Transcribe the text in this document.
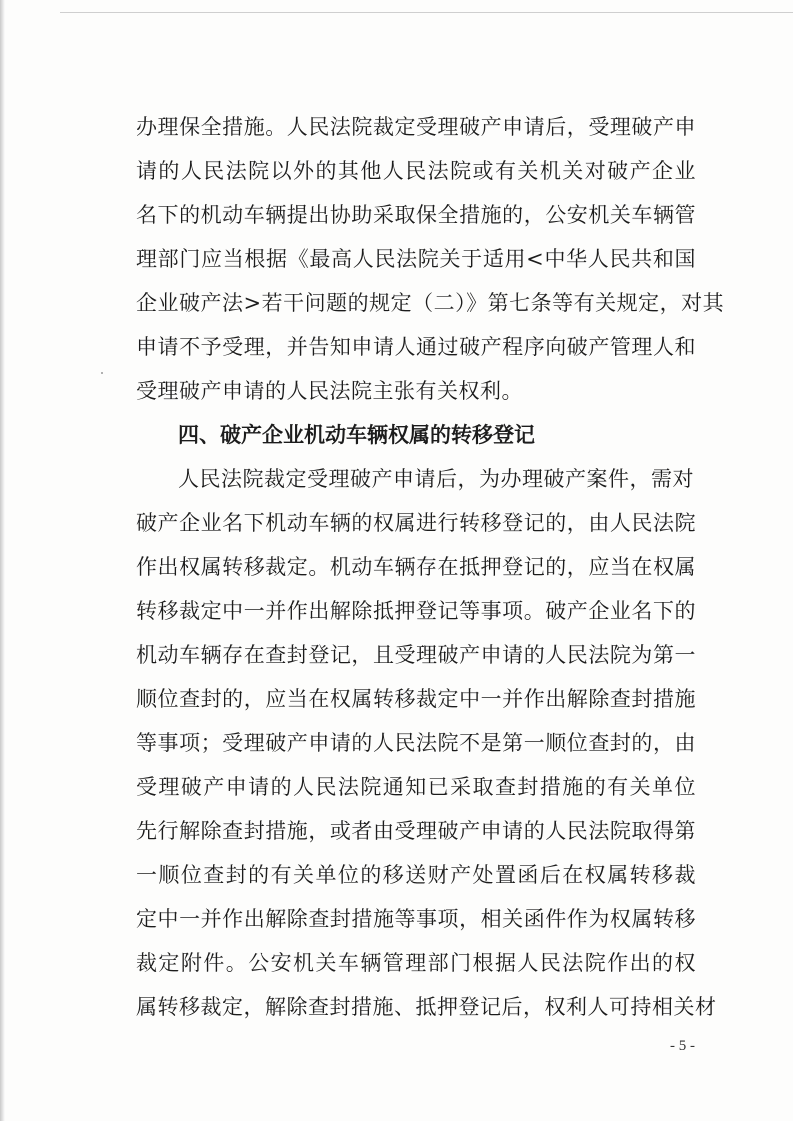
办理保全措施。人民法院裁定受理破产申请后，受理破产申
请的人民法院以外的其他人民法院或有关机关对破产企业
名下的机动车辆提出协助采取保全措施的，公安机关车辆管
理部门应当根据《最高人民法院关于适用<中华人民共和国
企业破产法>若干问题的规定（二）》第七条等有关规定，对其
申请不予受理，并告知申请人通过破产程序向破产管理人和
受理破产申请的人民法院主张有关权利。
四、破产企业机动车辆权属的转移登记
人民法院裁定受理破产申请后，为办理破产案件，需对
破产企业名下机动车辆的权属进行转移登记的，由人民法院
作出权属转移裁定。机动车辆存在抵押登记的，应当在权属
转移裁定中一并作出解除抵押登记等事项。破产企业名下的
机动车辆存在查封登记，且受理破产申请的人民法院为第一
顺位查封的，应当在权属转移裁定中一并作出解除查封措施
等事项；受理破产申请的人民法院不是第一顺位查封的，由
受理破产申请的人民法院通知已采取查封措施的有关单位
先行解除查封措施，或者由受理破产申请的人民法院取得第
一顺位查封的有关单位的移送财产处置函后在权属转移裁
定中一并作出解除查封措施等事项，相关函件作为权属转移
裁定附件。公安机关车辆管理部门根据人民法院作出的权
属转移裁定，解除查封措施、抵押登记后，权利人可持相关材
- 5 -
